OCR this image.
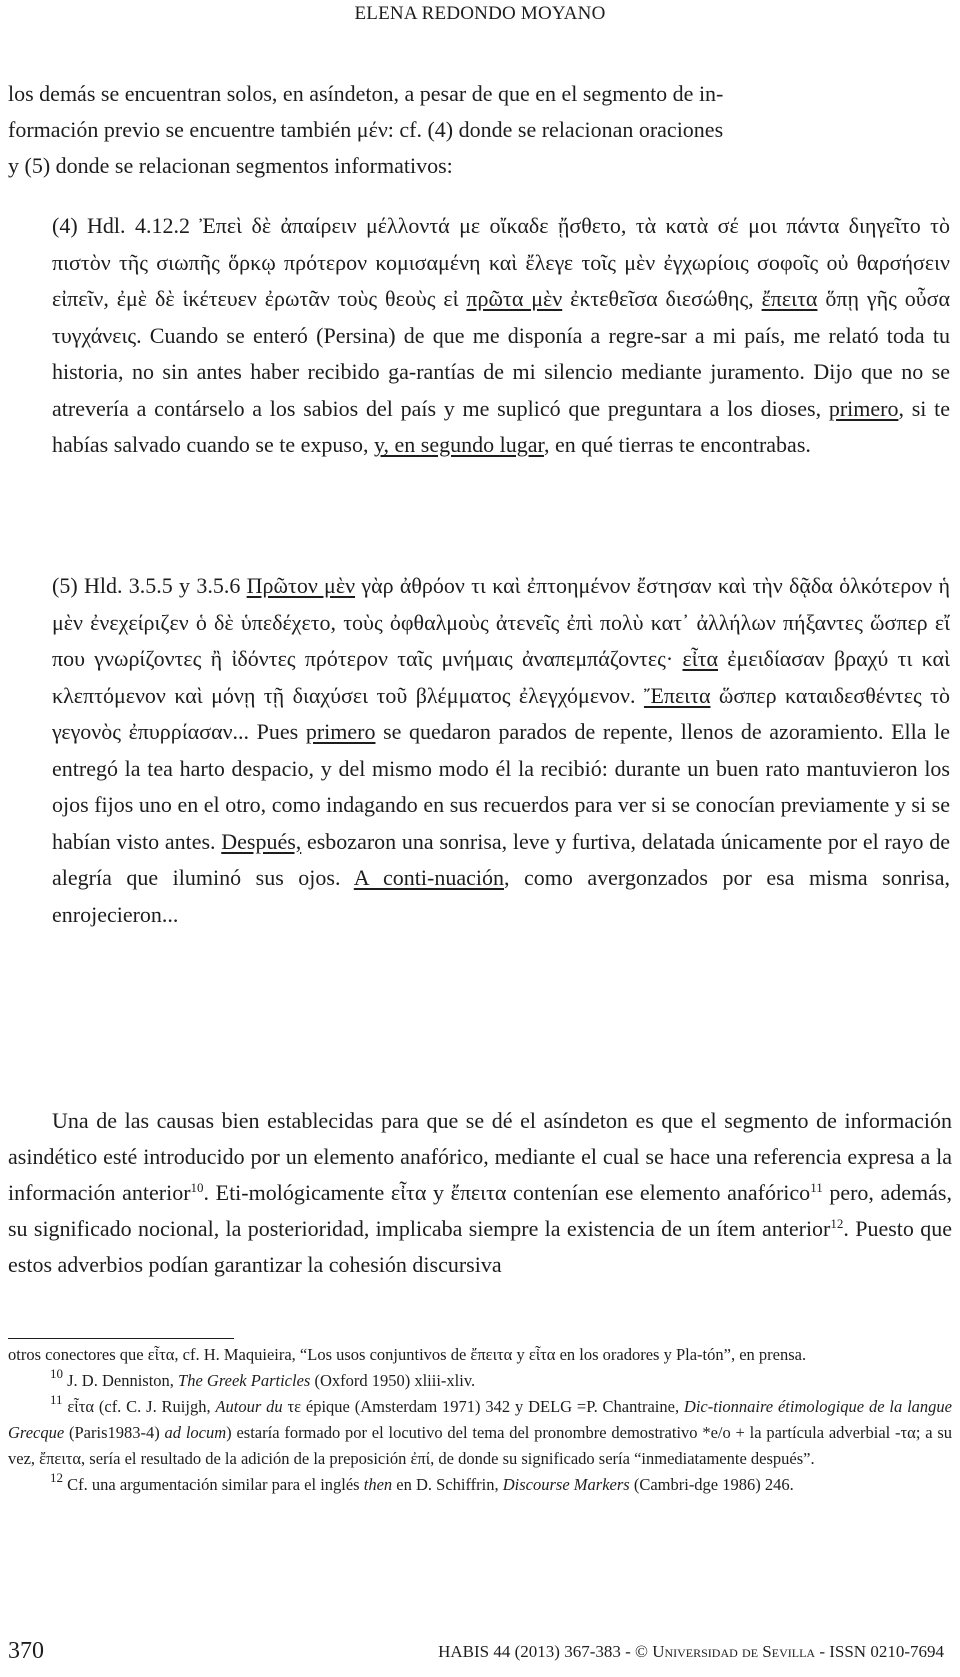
ELENA REDONDO MOYANO

los demás se encuentran solos, en asíndeton, a pesar de que en el segmento de in-

formación previo se encuentre también μέν: cf. (4) donde se relacionan oraciones

y (5) donde se relacionan segmentos informativos:

(4) Hdl. 4.12.2 Ἐπεὶ δὲ ἀπαίρειν μέλλοντά με οἴκαδε ᾔσθετο, τὰ κατὰ σέ μοι πάντα διηγεῖτο τὸ πιστὸν τῆς σιωπῆς ὅρκῳ πρότερον κομισαμένη καὶ ἔλεγε τοῖς μὲν ἐγχωρίοις σοφοῖς οὐ θαρσήσειν εἰπεῖν, ἐμὲ δὲ ἱκέτευεν ἐρωτᾶν τοὺς θεοὺς εἰ πρῶτα μὲν ἐκτεθεῖσα διεσώθης, ἔπειτα ὅπῃ γῆς οὖσα τυγχάνεις. Cuando se enteró (Persina) de que me disponía a regre-sar a mi país, me relató toda tu historia, no sin antes haber recibido ga-rantías de mi silencio mediante juramento. Dijo que no se atrevería a contárselo a los sabios del país y me suplicó que preguntara a los dioses, primero, si te habías salvado cuando se te expuso, y, en segundo lugar, en qué tierras te encontrabas.

(5) Hld. 3.5.5 y 3.5.6 Πρῶτον μὲν γὰρ ἀθρόον τι καὶ ἐπτοημένον ἔστησαν καὶ τὴν δᾷδα ὁλκότερον ἡ μὲν ἐνεχείριζεν ὁ δὲ ὑπεδέχετο, τοὺς ὀφθαλμοὺς ἀτενεῖς ἐπὶ πολὺ κατ᾽ ἀλλήλων πήξαντες ὥσπερ εἴ που γνωρίζοντες ἢ ἰδόντες πρότερον ταῖς μνήμαις ἀναπεμπάζοντες· εἶτα ἐμειδίασαν βραχύ τι καὶ κλεπτόμενον καὶ μόνῃ τῇ διαχύσει τοῦ βλέμματος ἐλεγχόμενον. Ἔπειτα ὥσπερ καταιδεσθέντες τὸ γεγονὸς ἐπυρρίασαν... Pues primero se quedaron parados de repente, llenos de azoramiento. Ella le entregó la tea harto despacio, y del mismo modo él la recibió: durante un buen rato mantuvieron los ojos fijos uno en el otro, como indagando en sus recuerdos para ver si se conocían previamente y si se habían visto antes. Después, esbozaron una sonrisa, leve y furtiva, delatada únicamente por el rayo de alegría que iluminó sus ojos. A conti-nuación, como avergonzados por esa misma sonrisa, enrojecieron...

Una de las causas bien establecidas para que se dé el asíndeton es que el segmento de información asindético esté introducido por un elemento anafórico, mediante el cual se hace una referencia expresa a la información anterior$^{10}$. Eti-mológicamente εἶτα y ἔπειτα contenían ese elemento anafórico$^{11}$ pero, además, su significado nocional, la posterioridad, implicaba siempre la existencia de un ítem anterior$^{12}$. Puesto que estos adverbios podían garantizar la cohesión discursiva

otros conectores que εἶτα, cf. H. Maquieira, “Los usos conjuntivos de ἔπειτα y εἶτα en los oradores y Pla-tón”, en prensa.

$^{10}$ J. D. Denniston, The Greek Particles (Oxford 1950) xliii-xliv.

$^{11}$ εἶτα (cf. C. J. Ruijgh, Autour du τε épique (Amsterdam 1971) 342 y DELG =P. Chantraine, Dic-tionnaire étimologique de la langue Grecque (Paris1983-4) ad locum) estaría formado por el locutivo del tema del pronombre demostrativo *e/o + la partícula adverbial -τα; a su vez, ἔπειτα, sería el resultado de la adición de la preposición ἐπί, de donde su significado sería “inmediatamente después”.

$^{12}$ Cf. una argumentación similar para el inglés then en D. Schiffrin, Discourse Markers (Cambri-dge 1986) 246.

370	HABIS 44 (2013) 367-383 - © Universidad de Sevilla - ISSN 0210-7694
